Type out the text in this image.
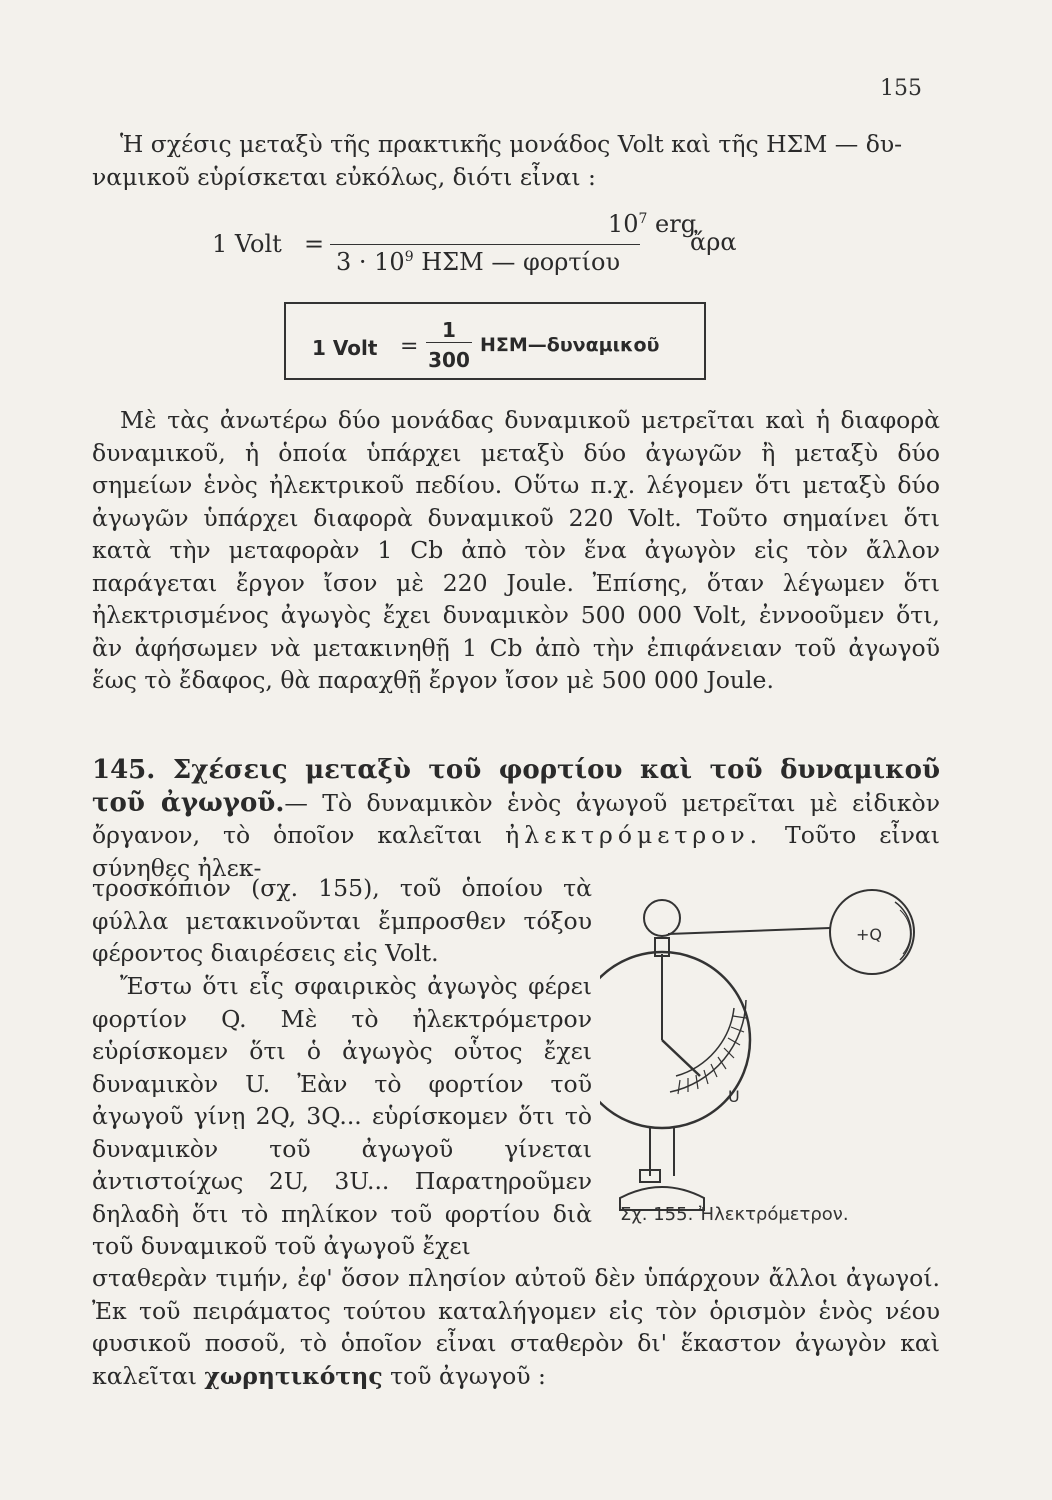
155
Ἡ σχέσις μεταξὺ τῆς πρακτικῆς μονάδος Volt καὶ τῆς ΗΣΜ — δυ-
ναμικοῦ εὑρίσκεται εὐκόλως, διότι εἶναι :
1 Volt =
$10^7$ erg
$3 \cdot 10^9$ ΗΣΜ — φορτίου
ἄρα
1 Volt =
1
300
ΗΣΜ—δυναμικοῦ
Μὲ τὰς ἀνωτέρω δύο μονάδας δυναμικοῦ μετρεῖται καὶ ἡ διαφορὰ δυναμικοῦ, ἡ ὁποία ὑπάρχει μεταξὺ δύο ἀγωγῶν ἢ μεταξὺ δύο σημείων ἑνὸς ἠλεκτρικοῦ πεδίου. Οὕτω π.χ. λέγομεν ὅτι μεταξὺ δύο ἀγωγῶν ὑπάρχει διαφορὰ δυναμικοῦ 220 Volt. Τοῦτο σημαίνει ὅτι κατὰ τὴν μεταφορὰν 1 Cb ἀπὸ τὸν ἕνα ἀγωγὸν εἰς τὸν ἄλλον παράγεται ἔργον ἴσον μὲ 220 Joule. Ἐπίσης, ὅταν λέγωμεν ὅτι ἠλεκτρισμένος ἀγωγὸς ἔχει δυναμικὸν 500 000 Volt, ἐννοοῦμεν ὅτι, ἂν ἀφήσωμεν νὰ μετακινηθῇ 1 Cb ἀπὸ τὴν ἐπιφάνειαν τοῦ ἀγωγοῦ ἕως τὸ ἔδαφος, θὰ παραχθῇ ἔργον ἴσον μὲ 500 000 Joule.
145. Σχέσεις μεταξὺ τοῦ φορτίου καὶ τοῦ δυναμικοῦ τοῦ ἀγωγοῦ.— Τὸ δυναμικὸν ἑνὸς ἀγωγοῦ μετρεῖται μὲ εἰδικὸν ὄργανον, τὸ ὁποῖον καλεῖται ἠλεκτρόμετρον. Τοῦτο εἶναι σύνηθες ἠλεκ-
τροσκόπιον (σχ. 155), τοῦ ὁποίου τὰ φύλλα μετακινοῦνται ἔμπροσθεν τόξου φέροντος διαιρέσεις εἰς Volt.
Ἔστω ὅτι εἷς σφαιρικὸς ἀγωγὸς φέρει φορτίον Q. Μὲ τὸ ἠλεκτρόμετρον εὑρίσκομεν ὅτι ὁ ἀγωγὸς οὗτος ἔχει δυναμικὸν U. Ἐὰν τὸ φορτίον τοῦ ἀγωγοῦ γίνῃ 2Q, 3Q... εὑρίσκομεν ὅτι τὸ δυναμικὸν τοῦ ἀγωγοῦ γίνεται ἀντιστοίχως 2U, 3U... Παρατηροῦμεν δηλαδὴ ὅτι τὸ πηλίκον τοῦ φορτίου διὰ τοῦ δυναμικοῦ τοῦ ἀγωγοῦ ἔχει
σταθερὰν τιμήν, ἐφ' ὅσον πλησίον αὐτοῦ δὲν ὑπάρχουν ἄλλοι ἀγωγοί. Ἐκ τοῦ πειράματος τούτου καταλήγομεν εἰς τὸν ὁρισμὸν ἑνὸς νέου φυσικοῦ ποσοῦ, τὸ ὁποῖον εἶναι σταθερὸν δι' ἕκαστον ἀγωγὸν καὶ καλεῖται χωρητικότης τοῦ ἀγωγοῦ :
+Q
U
Σχ. 155. Ἠλεκτρόμετρον.
